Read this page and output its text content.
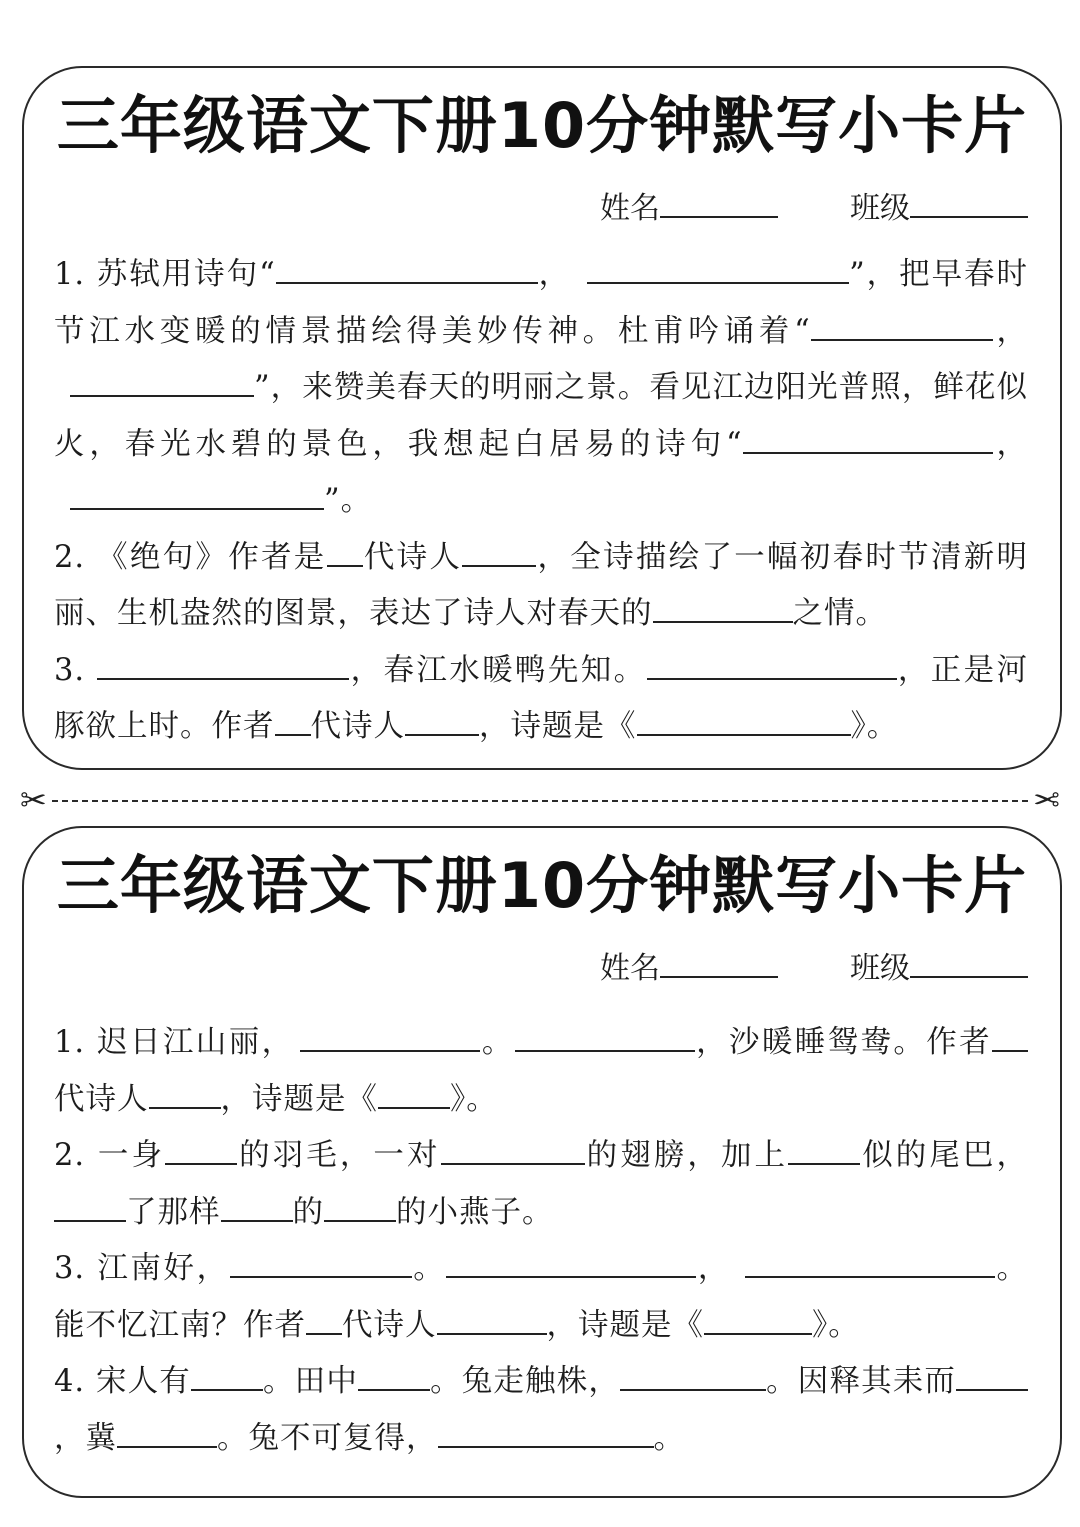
三年级语文下册10分钟默写小卡片
姓名	班级

1. 苏轼用诗句“	，	”，把早春时节江水变暖的情景描绘得美妙传神。杜甫吟诵着“	，”，来赞美春天的明丽之景。看见江边阳光普照，鲜花似火，春光水碧的景色，我想起白居易的诗句“	，”。

2. 《绝句》作者是 代诗人 ，全诗描绘了一幅初春时节清新明丽、生机盎然的图景，表达了诗人对春天的	之情。

3.	，春江水暖鸭先知。	，正是河豚欲上时。作者 代诗人 ，诗题是《	》。

✂	✂
三年级语文下册10分钟默写小卡片
姓名	班级

1. 迟日江山丽，	。	，沙暖睡鸳鸯。作者代诗人 ，诗题是《 》。

2. 一身 的羽毛，一对	的翅膀，加上 似的尾巴，了那样 的 的小燕子。

3. 江南好，	。	，	。能不忆江南？作者 代诗人	，诗题是《	》。

4. 宋人有 。田中 。兔走触株，	。因释其耒而，冀	。兔不可复得，	。
